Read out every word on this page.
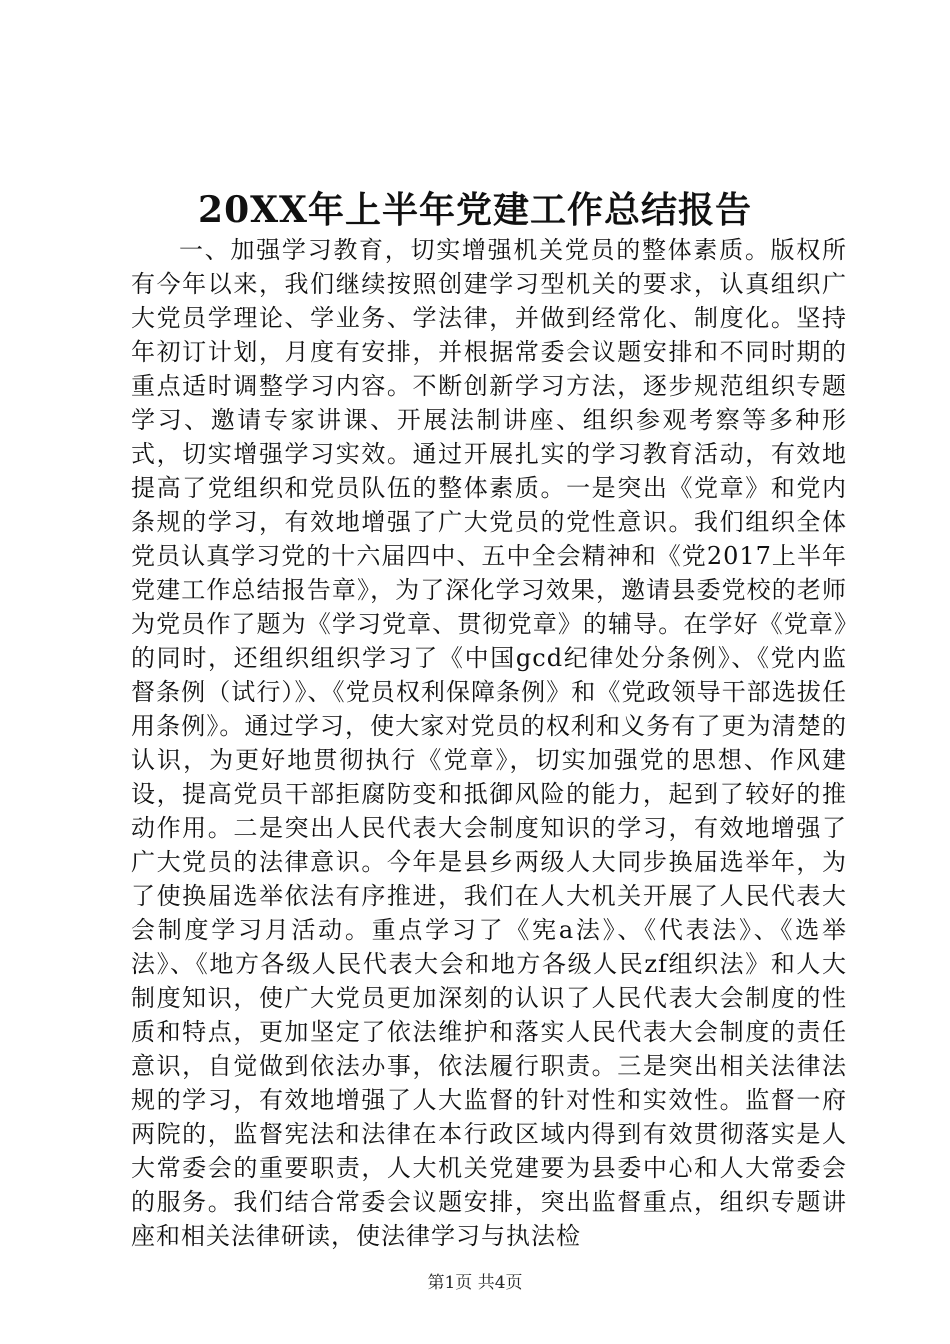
20XX年上半年党建工作总结报告

一、加强学习教育，切实增强机关党员的整体素质。版权所有今年以来，我们继续按照创建学习型机关的要求，认真组织广大党员学理论、学业务、学法律，并做到经常化、制度化。坚持年初订计划，月度有安排，并根据常委会议题安排和不同时期的重点适时调整学习内容。不断创新学习方法，逐步规范组织专题学习、邀请专家讲课、开展法制讲座、组织参观考察等多种形式，切实增强学习实效。通过开展扎实的学习教育活动，有效地提高了党组织和党员队伍的整体素质。一是突出《党章》和党内条规的学习，有效地增强了广大党员的党性意识。我们组织全体党员认真学习党的十六届四中、五中全会精神和《党2017上半年党建工作总结报告章》，为了深化学习效果，邀请县委党校的老师为党员作了题为《学习党章、贯彻党章》的辅导。在学好《党章》的同时，还组织组织学习了《中国gcd纪律处分条例》、《党内监督条例（试行）》、《党员权利保障条例》和《党政领导干部选拔任用条例》。通过学习，使大家对党员的权利和义务有了更为清楚的认识，为更好地贯彻执行《党章》，切实加强党的思想、作风建设，提高党员干部拒腐防变和抵御风险的能力，起到了较好的推动作用。二是突出人民代表大会制度知识的学习，有效地增强了广大党员的法律意识。今年是县乡两级人大同步换届选举年，为了使换届选举依法有序推进，我们在人大机关开展了人民代表大会制度学习月活动。重点学习了《宪a法》、《代表法》、《选举法》、《地方各级人民代表大会和地方各级人民zf组织法》和人大制度知识，使广大党员更加深刻的认识了人民代表大会制度的性质和特点，更加坚定了依法维护和落实人民代表大会制度的责任意识，自觉做到依法办事，依法履行职责。三是突出相关法律法规的学习，有效地增强了人大监督的针对性和实效性。监督一府两院的，监督宪法和法律在本行政区域内得到有效贯彻落实是人大常委会的重要职责，人大机关党建要为县委中心和人大常委会的服务。我们结合常委会议题安排，突出监督重点，组织专题讲座和相关法律研读，使法律学习与执法检

第1页 共4页
